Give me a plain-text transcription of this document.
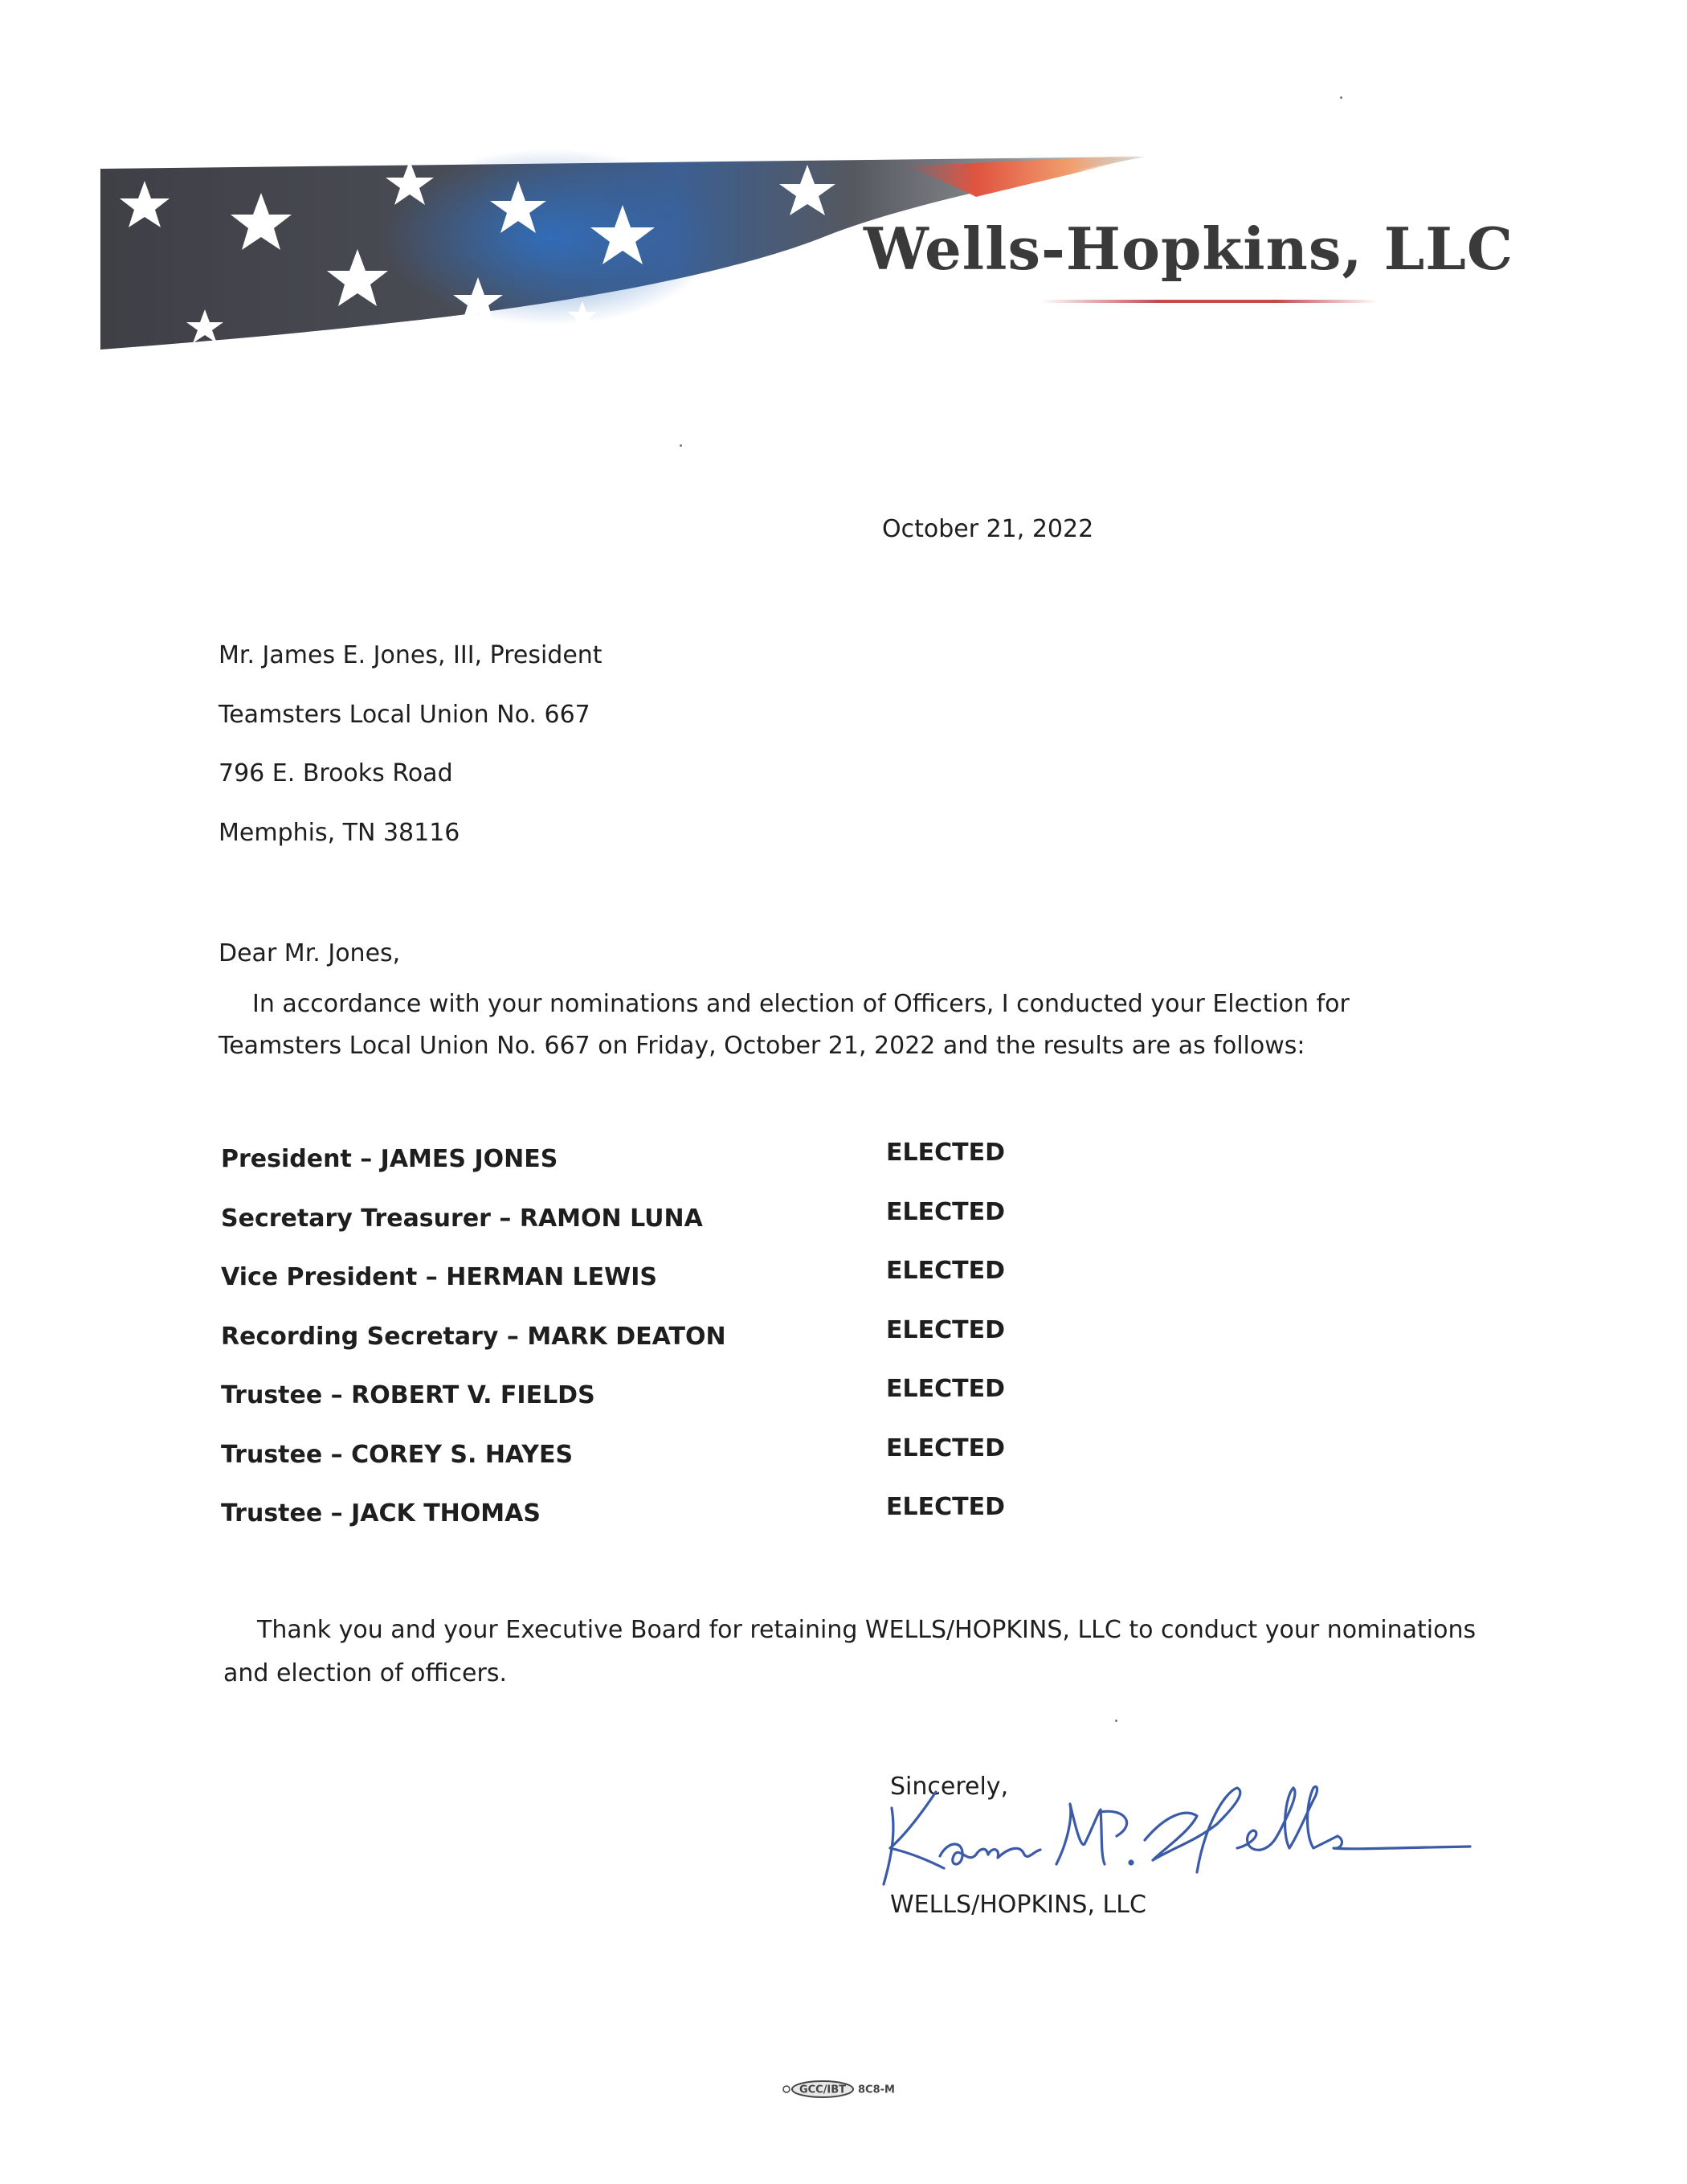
Wells-Hopkins, LLC
October 21, 2022
Mr. James E. Jones, III, President
Teamsters Local Union No. 667
796 E. Brooks Road
Memphis, TN 38116
Dear Mr. Jones,
In accordance with your nominations and election of Officers, I conducted your Election for Teamsters Local Union No. 667 on Friday, October 21, 2022 and the results are as follows:
President – JAMES JONES	ELECTED
Secretary Treasurer – RAMON LUNA	ELECTED
Vice President – HERMAN LEWIS	ELECTED
Recording Secretary – MARK DEATON	ELECTED
Trustee – ROBERT V. FIELDS	ELECTED
Trustee – COREY S. HAYES	ELECTED
Trustee – JACK THOMAS	ELECTED
Thank you and your Executive Board for retaining WELLS/HOPKINS, LLC to conduct your nominations and election of officers.
Sincerely,
WELLS/HOPKINS, LLC
GCC/IBT 8C8-M
